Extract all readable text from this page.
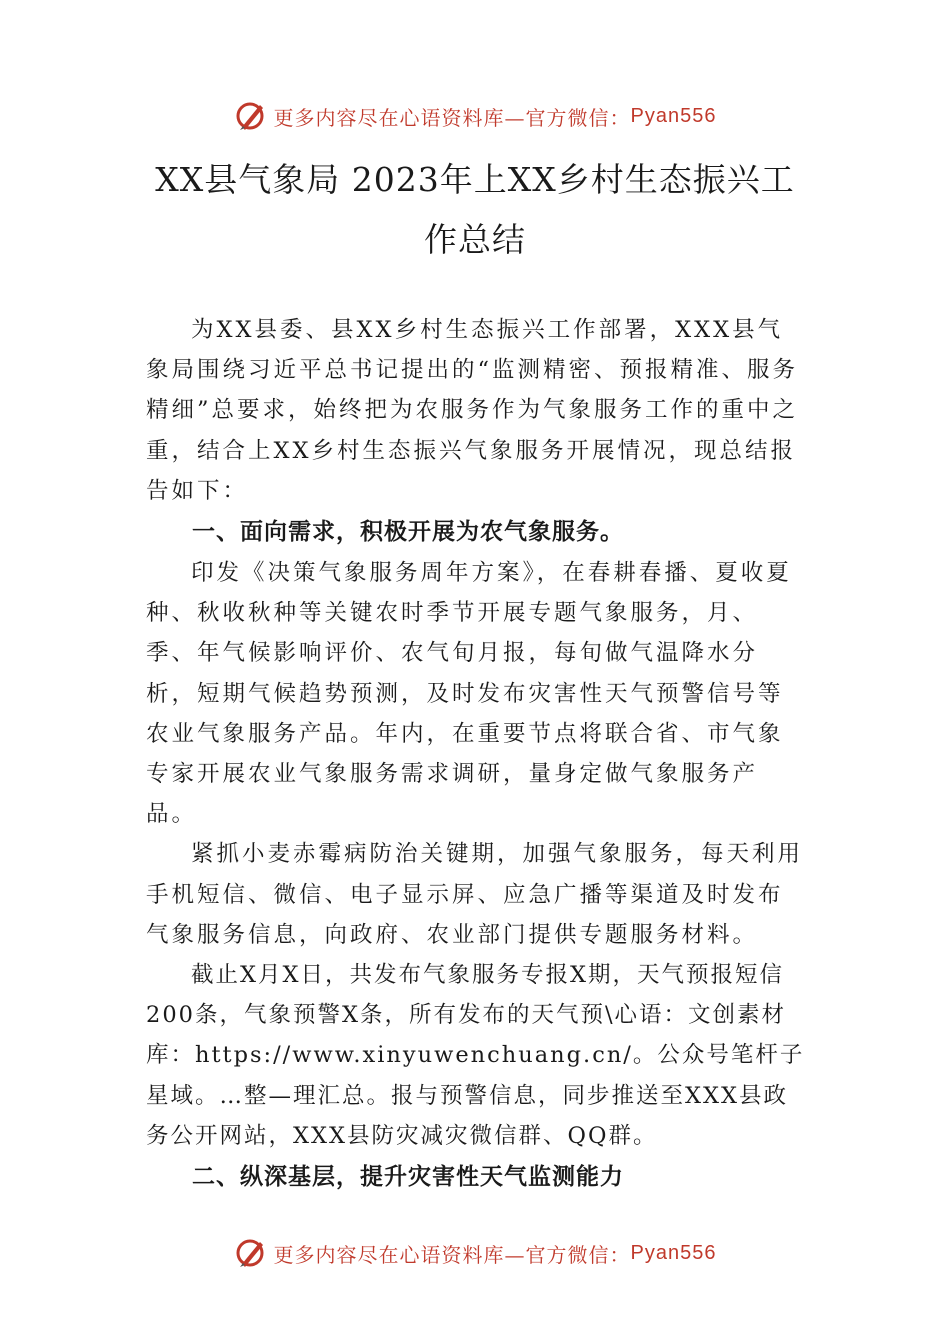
更多内容尽在心语资料库—官方微信： Pyan556
XX县气象局 2023年上XX乡村生态振兴工
作总结

为XX县委、县XX乡村生态振兴工作部署，XXX县气象局围绕习近平总书记提出的“监测精密、预报精准、服务精细”总要求，始终把为农服务作为气象服务工作的重中之重，结合上XX乡村生态振兴气象服务开展情况，现总结报告如下：

一、面向需求，积极开展为农气象服务。

印发《决策气象服务周年方案》，在春耕春播、夏收夏种、秋收秋种等关键农时季节开展专题气象服务，月、季、年气候影响评价、农气旬月报，每旬做气温降水分析，短期气候趋势预测，及时发布灾害性天气预警信号等农业气象服务产品。年内，在重要节点将联合省、市气象专家开展农业气象服务需求调研，量身定做气象服务产品。

紧抓小麦赤霉病防治关键期，加强气象服务，每天利用手机短信、微信、电子显示屏、应急广播等渠道及时发布气象服务信息，向政府、农业部门提供专题服务材料。

截止X月X日，共发布气象服务专报X期，天气预报短信200条，气象预警X条，所有发布的天气预\心语：文创素材库：https://www.xinyuwenchuang.cn/。公众号笔杆子星域。…整—理汇总。报与预警信息，同步推送至XXX县政务公开网站，XXX县防灾减灾微信群、QQ群。

二、纵深基层，提升灾害性天气监测能力
更多内容尽在心语资料库—官方微信： Pyan556
